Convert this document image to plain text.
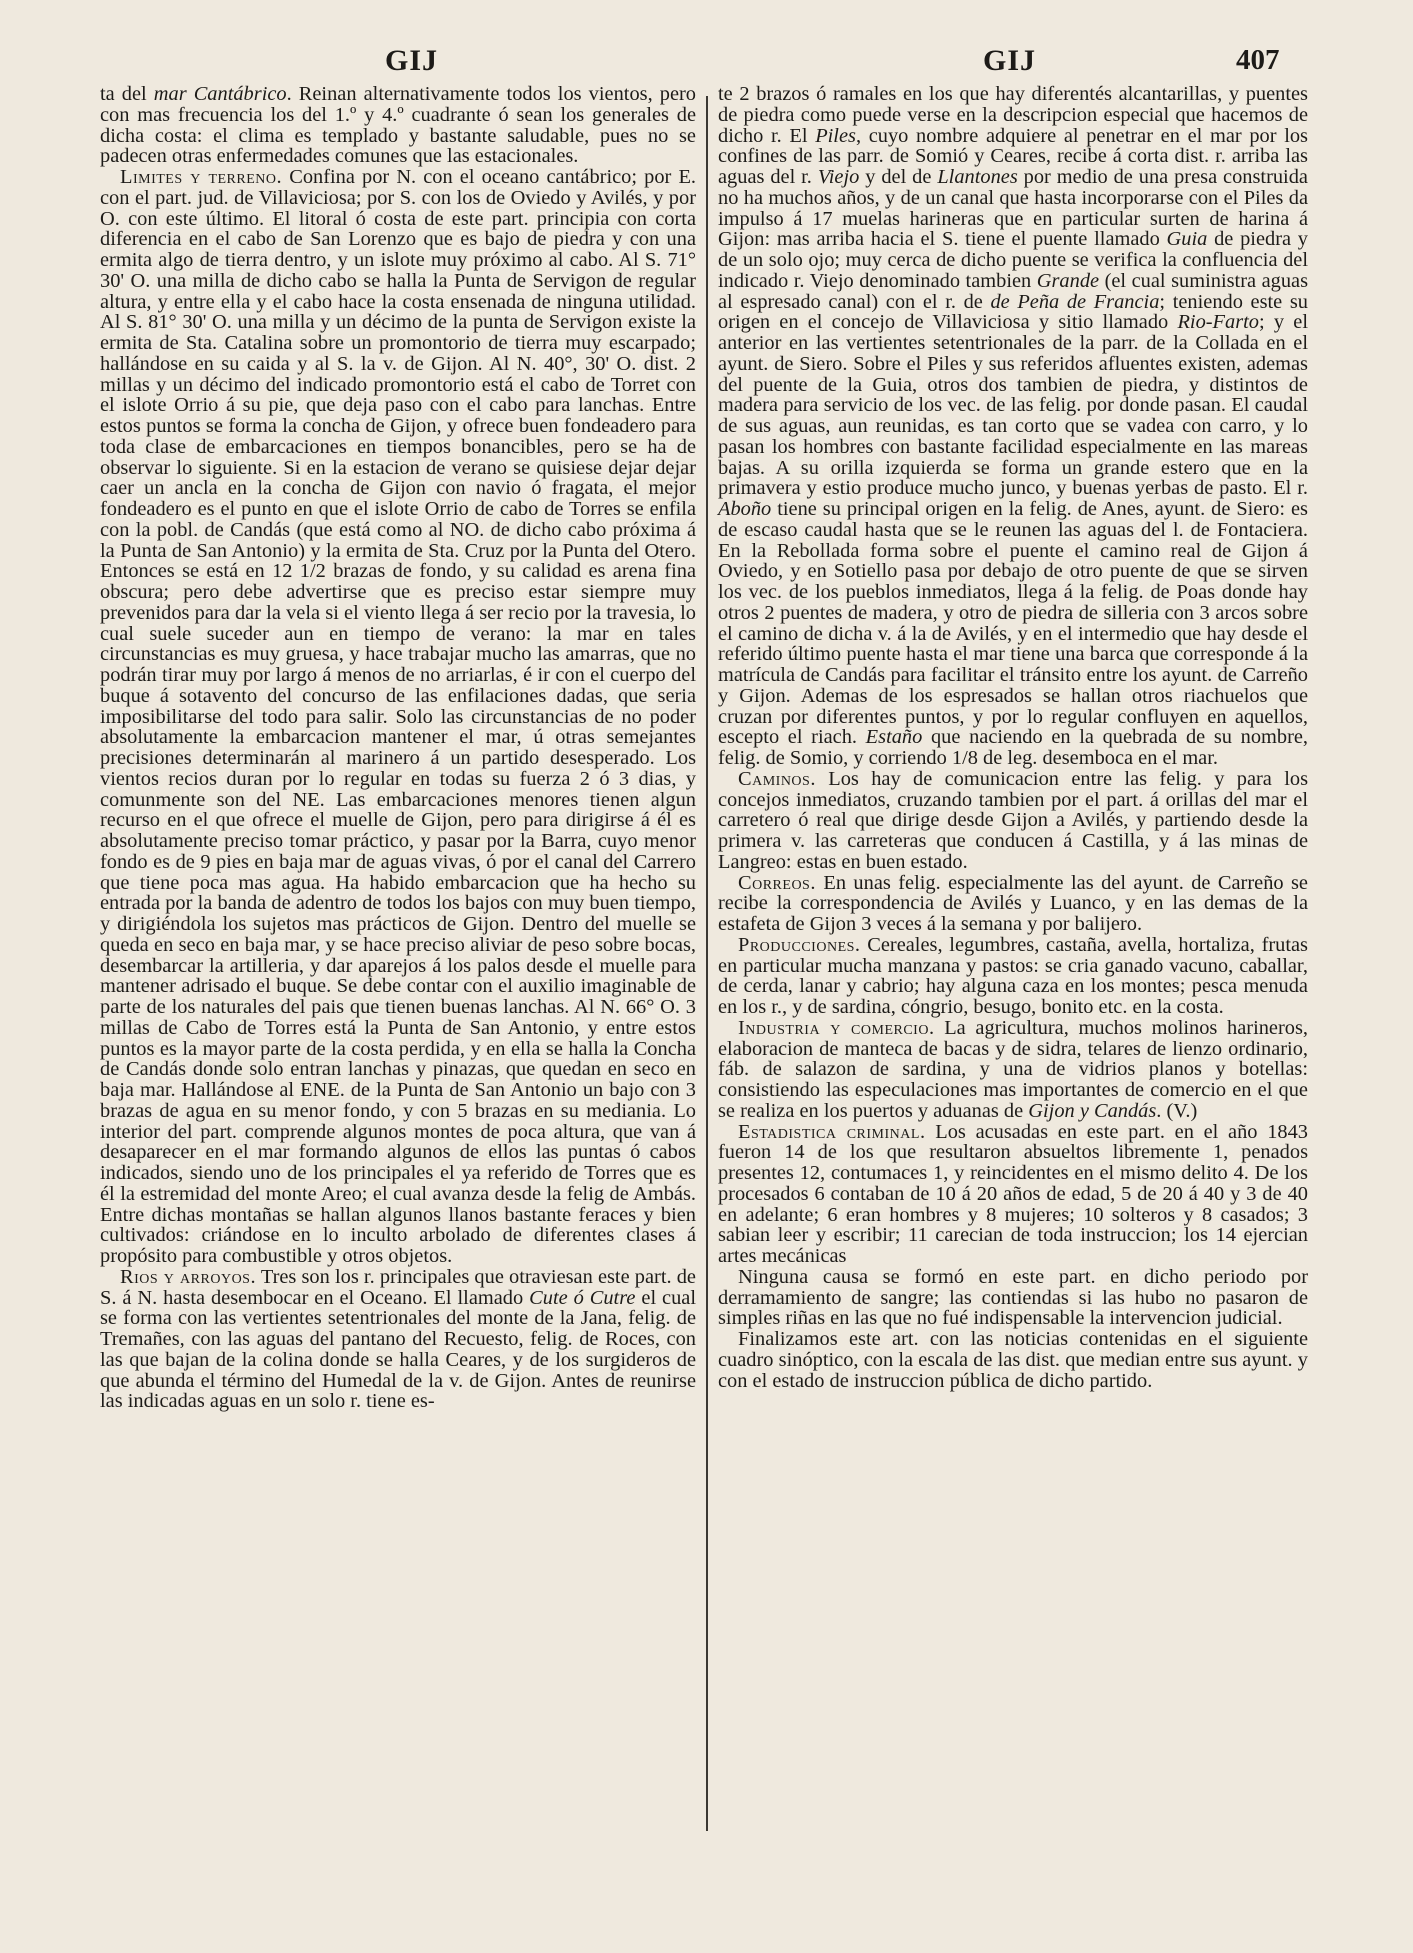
GIJ	GIJ	407

ta del mar Cantábrico. Reinan alternativamente todos los vientos, pero con mas frecuencia los del 1.º y 4.º cuadrante ó sean los generales de dicha costa: el clima es templado y bastante saludable, pues no se padecen otras enfermedades comunes que las estacionales.

Limites y terreno. Confina por N. con el oceano cantábrico; por E. con el part. jud. de Villaviciosa; por S. con los de Oviedo y Avilés, y por O. con este último. El litoral ó costa de este part. principia con corta diferencia en el cabo de San Lorenzo que es bajo de piedra y con una ermita algo de tierra dentro, y un islote muy próximo al cabo. Al S. 71° 30' O. una milla de dicho cabo se halla la Punta de Servigon de regular altura, y entre ella y el cabo hace la costa ensenada de ninguna utilidad. Al S. 81° 30' O. una milla y un décimo de la punta de Servigon existe la ermita de Sta. Catalina sobre un promontorio de tierra muy escarpado; hallándose en su caida y al S. la v. de Gijon. Al N. 40°, 30' O. dist. 2 millas y un décimo del indicado promontorio está el cabo de Torret con el islote Orrio á su pie, que deja paso con el cabo para lanchas. Entre estos puntos se forma la concha de Gijon, y ofrece buen fondeadero para toda clase de embarcaciones en tiempos bonancibles, pero se ha de observar lo siguiente. Si en la estacion de verano se quisiese dejar dejar caer un ancla en la concha de Gijon con navio ó fragata, el mejor fondeadero es el punto en que el islote Orrio de cabo de Torres se enfila con la pobl. de Candás (que está como al NO. de dicho cabo próxima á la Punta de San Antonio) y la ermita de Sta. Cruz por la Punta del Otero. Entonces se está en 12 1/2 brazas de fondo, y su calidad es arena fina obscura; pero debe advertirse que es preciso estar siempre muy prevenidos para dar la vela si el viento llega á ser recio por la travesia, lo cual suele suceder aun en tiempo de verano: la mar en tales circunstancias es muy gruesa, y hace trabajar mucho las amarras, que no podrán tirar muy por largo á menos de no arriarlas, é ir con el cuerpo del buque á sotavento del concurso de las enfilaciones dadas, que seria imposibilitarse del todo para salir. Solo las circunstancias de no poder absolutamente la embarcacion mantener el mar, ú otras semejantes precisiones determinarán al marinero á un partido desesperado. Los vientos recios duran por lo regular en todas su fuerza 2 ó 3 dias, y comunmente son del NE. Las embarcaciones menores tienen algun recurso en el que ofrece el muelle de Gijon, pero para dirigirse á él es absolutamente preciso tomar práctico, y pasar por la Barra, cuyo menor fondo es de 9 pies en baja mar de aguas vivas, ó por el canal del Carrero que tiene poca mas agua. Ha habido embarcacion que ha hecho su entrada por la banda de adentro de todos los bajos con muy buen tiempo, y dirigiéndola los sujetos mas prácticos de Gijon. Dentro del muelle se queda en seco en baja mar, y se hace preciso aliviar de peso sobre bocas, desembarcar la artilleria, y dar aparejos á los palos desde el muelle para mantener adrisado el buque. Se debe contar con el auxilio imaginable de parte de los naturales del pais que tienen buenas lanchas. Al N. 66° O. 3 millas de Cabo de Torres está la Punta de San Antonio, y entre estos puntos es la mayor parte de la costa perdida, y en ella se halla la Concha de Candás donde solo entran lanchas y pinazas, que quedan en seco en baja mar. Hallándose al ENE. de la Punta de San Antonio un bajo con 3 brazas de agua en su menor fondo, y con 5 brazas en su mediania. Lo interior del part. comprende algunos montes de poca altura, que van á desaparecer en el mar formando algunos de ellos las puntas ó cabos indicados, siendo uno de los principales el ya referido de Torres que es él la estremidad del monte Areo; el cual avanza desde la felig de Ambás. Entre dichas montañas se hallan algunos llanos bastante feraces y bien cultivados: criándose en lo inculto arbolado de diferentes clases á propósito para combustible y otros objetos.

Rios y arroyos. Tres son los r. principales que otraviesan este part. de S. á N. hasta desembocar en el Oceano. El llamado Cute ó Cutre el cual se forma con las vertientes setentrionales del monte de la Jana, felig. de Tremañes, con las aguas del pantano del Recuesto, felig. de Roces, con las que bajan de la colina donde se halla Ceares, y de los surgideros de que abunda el término del Humedal de la v. de Gijon. Antes de reunirse las indicadas aguas en un solo r. tiene es-

te 2 brazos ó ramales en los que hay diferentés alcantarillas, y puentes de piedra como puede verse en la descripcion especial que hacemos de dicho r. El Piles, cuyo nombre adquiere al penetrar en el mar por los confines de las parr. de Somió y Ceares, recibe á corta dist. r. arriba las aguas del r. Viejo y del de Llantones por medio de una presa construida no ha muchos años, y de un canal que hasta incorporarse con el Piles da impulso á 17 muelas harineras que en particular surten de harina á Gijon: mas arriba hacia el S. tiene el puente llamado Guia de piedra y de un solo ojo; muy cerca de dicho puente se verifica la confluencia del indicado r. Viejo denominado tambien Grande (el cual suministra aguas al espresado canal) con el r. de de Peña de Francia; teniendo este su origen en el concejo de Villaviciosa y sitio llamado Rio-Farto; y el anterior en las vertientes setentrionales de la parr. de la Collada en el ayunt. de Siero. Sobre el Piles y sus referidos afluentes existen, ademas del puente de la Guia, otros dos tambien de piedra, y distintos de madera para servicio de los vec. de las felig. por donde pasan. El caudal de sus aguas, aun reunidas, es tan corto que se vadea con carro, y lo pasan los hombres con bastante facilidad especialmente en las mareas bajas. A su orilla izquierda se forma un grande estero que en la primavera y estio produce mucho junco, y buenas yerbas de pasto. El r. Aboño tiene su principal origen en la felig. de Anes, ayunt. de Siero: es de escaso caudal hasta que se le reunen las aguas del l. de Fontaciera. En la Rebollada forma sobre el puente el camino real de Gijon á Oviedo, y en Sotiello pasa por debajo de otro puente de que se sirven los vec. de los pueblos inmediatos, llega á la felig. de Poas donde hay otros 2 puentes de madera, y otro de piedra de silleria con 3 arcos sobre el camino de dicha v. á la de Avilés, y en el intermedio que hay desde el referido último puente hasta el mar tiene una barca que corresponde á la matrícula de Candás para facilitar el tránsito entre los ayunt. de Carreño y Gijon. Ademas de los espresados se hallan otros riachuelos que cruzan por diferentes puntos, y por lo regular confluyen en aquellos, escepto el riach. Estaño que naciendo en la quebrada de su nombre, felig. de Somio, y corriendo 1/8 de leg. desemboca en el mar.

Caminos. Los hay de comunicacion entre las felig. y para los concejos inmediatos, cruzando tambien por el part. á orillas del mar el carretero ó real que dirige desde Gijon a Avilés, y partiendo desde la primera v. las carreteras que conducen á Castilla, y á las minas de Langreo: estas en buen estado.

Correos. En unas felig. especialmente las del ayunt. de Carreño se recibe la correspondencia de Avilés y Luanco, y en las demas de la estafeta de Gijon 3 veces á la semana y por balijero.

Producciones. Cereales, legumbres, castaña, avella, hortaliza, frutas en particular mucha manzana y pastos: se cria ganado vacuno, caballar, de cerda, lanar y cabrio; hay alguna caza en los montes; pesca menuda en los r., y de sardina, cóngrio, besugo, bonito etc. en la costa.

Industria y comercio. La agricultura, muchos molinos harineros, elaboracion de manteca de bacas y de sidra, telares de lienzo ordinario, fáb. de salazon de sardina, y una de vidrios planos y botellas: consistiendo las especulaciones mas importantes de comercio en el que se realiza en los puertos y aduanas de Gijon y Candás. (V.)

Estadistica criminal. Los acusadas en este part. en el año 1843 fueron 14 de los que resultaron absueltos libremente 1, penados presentes 12, contumaces 1, y reincidentes en el mismo delito 4. De los procesados 6 contaban de 10 á 20 años de edad, 5 de 20 á 40 y 3 de 40 en adelante; 6 eran hombres y 8 mujeres; 10 solteros y 8 casados; 3 sabian leer y escribir; 11 carecian de toda instruccion; los 14 ejercian artes mecánicas

Ninguna causa se formó en este part. en dicho periodo por derramamiento de sangre; las contiendas si las hubo no pasaron de simples riñas en las que no fué indispensable la intervencion judicial.

Finalizamos este art. con las noticias contenidas en el siguiente cuadro sinóptico, con la escala de las dist. que median entre sus ayunt. y con el estado de instruccion pública de dicho partido.
